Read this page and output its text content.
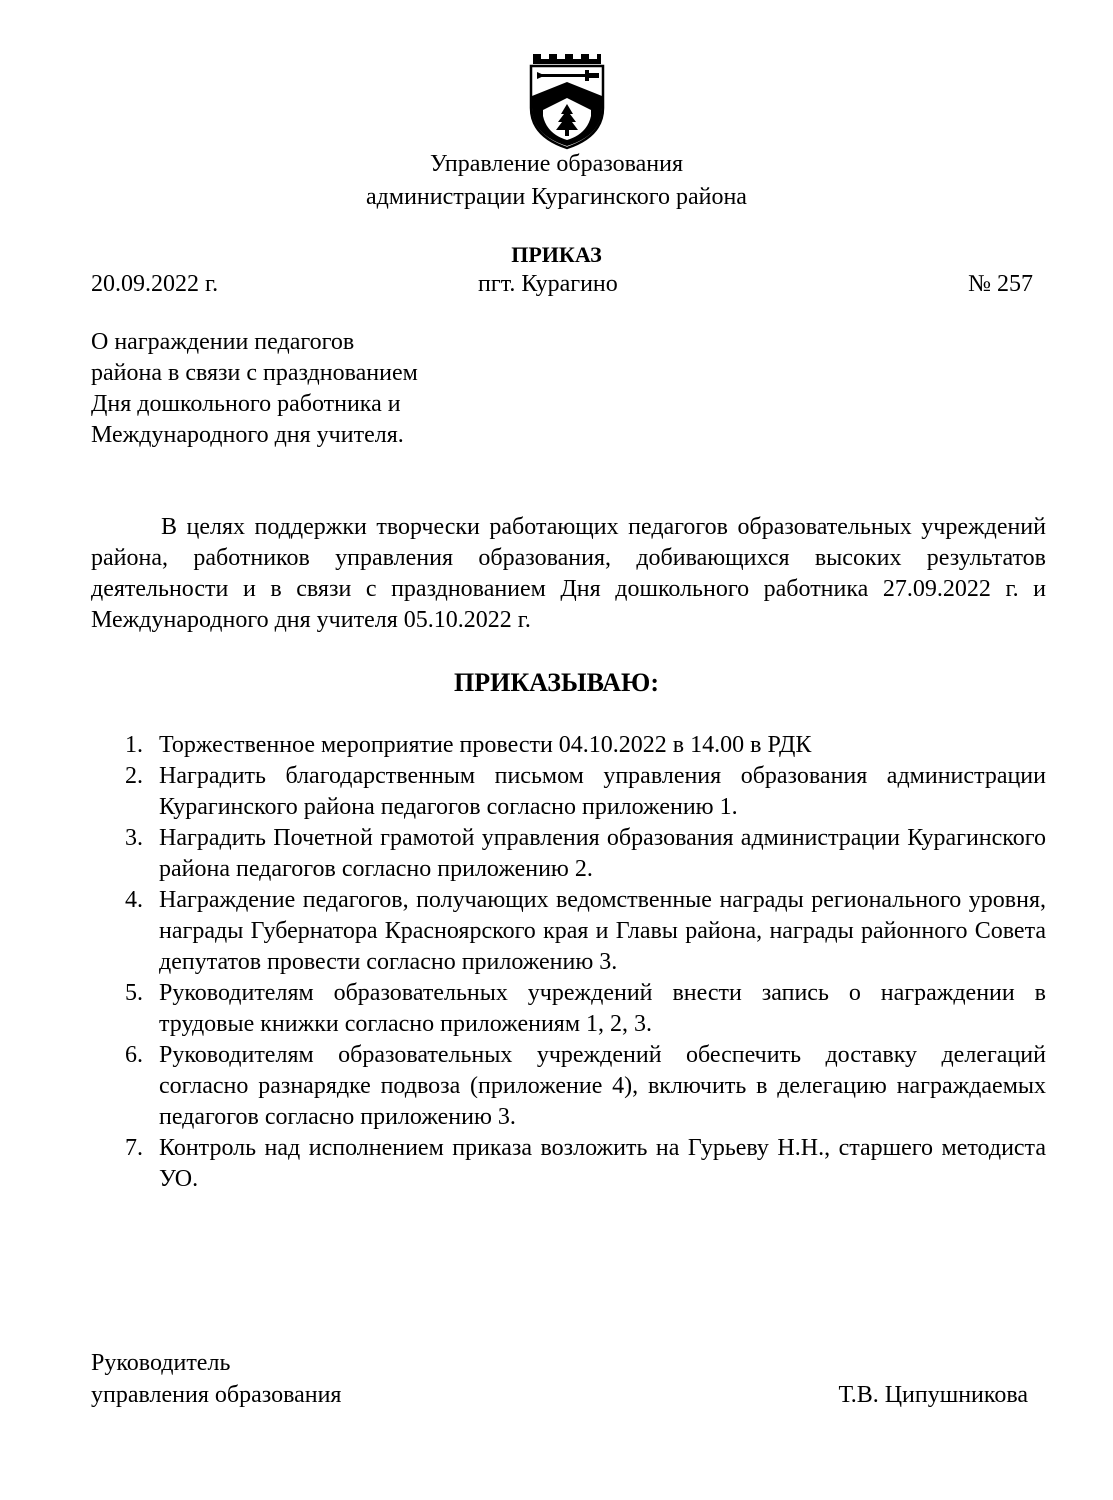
Управление образования
администрации Курагинского района
ПРИКАЗ
20.09.2022 г.	пгт. Курагино	№ 257
О награждении педагогов
района в связи с празднованием
Дня дошкольного работника и
Международного дня учителя.
В целях поддержки творчески работающих педагогов образовательных учреждений района, работников управления образования, добивающихся высоких результатов деятельности и в связи с празднованием Дня дошкольного работника 27.09.2022 г. и Международного дня учителя 05.10.2022 г.
ПРИКАЗЫВАЮ:
1. Торжественное мероприятие провести 04.10.2022 в 14.00 в РДК
2. Наградить благодарственным письмом управления образования администрации Курагинского района педагогов согласно приложению 1.
3. Наградить Почетной грамотой управления образования администрации Курагинского района педагогов согласно приложению 2.
4. Награждение педагогов, получающих ведомственные награды регионального уровня, награды Губернатора Красноярского края и Главы района, награды районного Совета депутатов провести согласно приложению 3.
5. Руководителям образовательных учреждений внести запись о награждении в трудовые книжки согласно приложениям 1, 2, 3.
6. Руководителям образовательных учреждений обеспечить доставку делегаций согласно разнарядке подвоза (приложение 4), включить в делегацию награждаемых педагогов согласно приложению 3.
7. Контроль над исполнением приказа возложить на Гурьеву Н.Н., старшего методиста УО.
Руководитель
управления образования	Т.В. Ципушникова
